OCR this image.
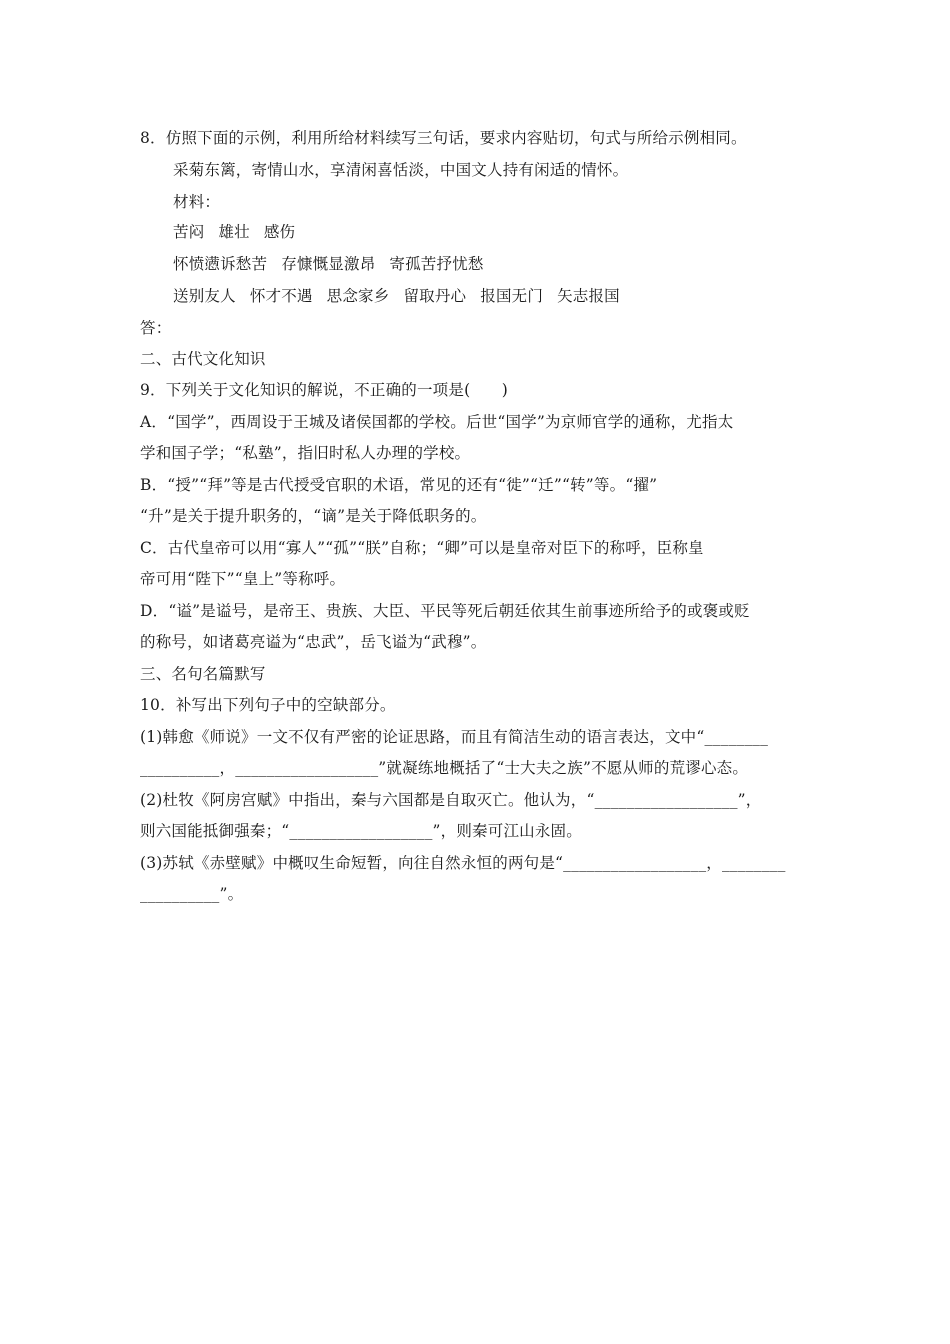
8．仿照下面的示例，利用所给材料续写三句话，要求内容贴切，句式与所给示例相同。
采菊东篱，寄情山水，享清闲喜恬淡，中国文人持有闲适的情怀。
材料：
苦闷 雄壮 感伤
怀愤懑诉愁苦 存慷慨显激昂 寄孤苦抒忧愁
送别友人 怀才不遇 思念家乡 留取丹心 报国无门 矢志报国
答：
二、古代文化知识
9．下列关于文化知识的解说，不正确的一项是(　　)
A．“国学”，西周设于王城及诸侯国都的学校。后世“国学”为京师官学的通称，尤指太
学和国子学；“私塾”，指旧时私人办理的学校。
B．“授”“拜”等是古代授受官职的术语，常见的还有“徙”“迁”“转”等。“擢”
“升”是关于提升职务的，“谪”是关于降低职务的。
C．古代皇帝可以用“寡人”“孤”“朕”自称；“卿”可以是皇帝对臣下的称呼，臣称皇
帝可用“陛下”“皇上”等称呼。
D．“谥”是谥号，是帝王、贵族、大臣、平民等死后朝廷依其生前事迹所给予的或褒或贬
的称号，如诸葛亮谥为“忠武”，岳飞谥为“武穆”。
三、名句名篇默写
10．补写出下列句子中的空缺部分。
(1)韩愈《师说》一文不仅有严密的论证思路，而且有简洁生动的语言表达，文中“________
__________，__________________”就凝练地概括了“士大夫之族”不愿从师的荒谬心态。
(2)杜牧《阿房宫赋》中指出，秦与六国都是自取灭亡。他认为，“__________________”，
则六国能抵御强秦；“__________________”，则秦可江山永固。
(3)苏轼《赤壁赋》中概叹生命短暂，向往自然永恒的两句是“__________________，________
__________”。
